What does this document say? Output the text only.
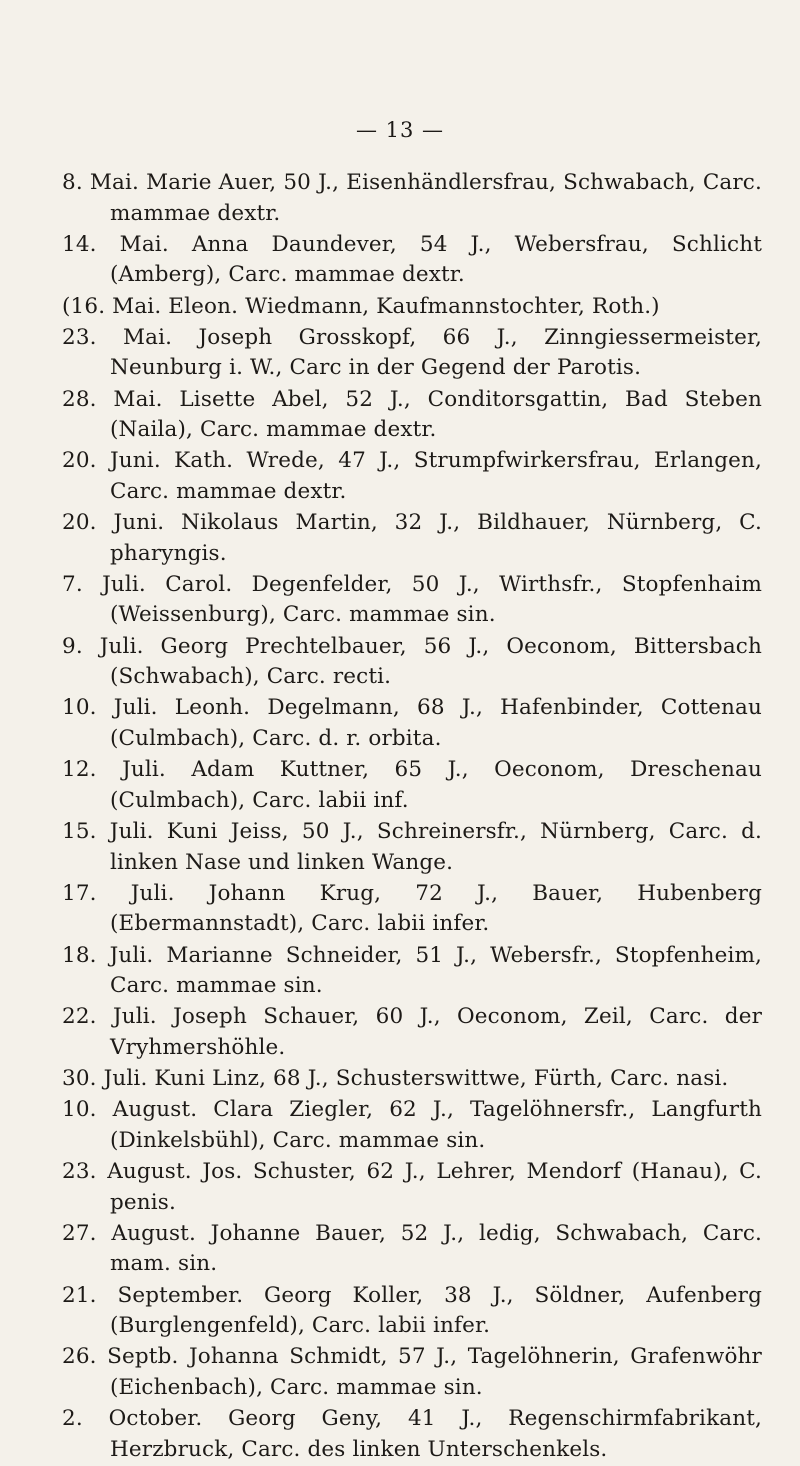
— 13 —

8. Mai. Marie Auer, 50 J., Eisenhändlersfrau, Schwabach, Carc. mammae dextr.

14. Mai. Anna Daundever, 54 J., Webersfrau, Schlicht (Amberg), Carc. mammae dextr.

(16. Mai. Eleon. Wiedmann, Kaufmannstochter, Roth.)

23. Mai. Joseph Grosskopf, 66 J., Zinngiessermeister, Neunburg i. W., Carc in der Gegend der Parotis.

28. Mai. Lisette Abel, 52 J., Conditorsgattin, Bad Steben (Naila), Carc. mammae dextr.

20. Juni. Kath. Wrede, 47 J., Strumpfwirkersfrau, Erlangen, Carc. mammae dextr.

20. Juni. Nikolaus Martin, 32 J., Bildhauer, Nürnberg, C. pharyngis.

7. Juli. Carol. Degenfelder, 50 J., Wirthsfr., Stopfenhaim (Weissenburg), Carc. mammae sin.

9. Juli. Georg Prechtelbauer, 56 J., Oeconom, Bittersbach (Schwabach), Carc. recti.

10. Juli. Leonh. Degelmann, 68 J., Hafenbinder, Cottenau (Culmbach), Carc. d. r. orbita.

12. Juli. Adam Kuttner, 65 J., Oeconom, Dreschenau (Culmbach), Carc. labii inf.

15. Juli. Kuni Jeiss, 50 J., Schreinersfr., Nürnberg, Carc. d. linken Nase und linken Wange.

17. Juli. Johann Krug, 72 J., Bauer, Hubenberg (Ebermannstadt), Carc. labii infer.

18. Juli. Marianne Schneider, 51 J., Webersfr., Stopfenheim, Carc. mammae sin.

22. Juli. Joseph Schauer, 60 J., Oeconom, Zeil, Carc. der Vryhmershöhle.

30. Juli. Kuni Linz, 68 J., Schusterswittwe, Fürth, Carc. nasi.

10. August. Clara Ziegler, 62 J., Tagelöhnersfr., Langfurth (Dinkelsbühl), Carc. mammae sin.

23. August. Jos. Schuster, 62 J., Lehrer, Mendorf (Hanau), C. penis.

27. August. Johanne Bauer, 52 J., ledig, Schwabach, Carc. mam. sin.

21. September. Georg Koller, 38 J., Söldner, Aufenberg (Burglengenfeld), Carc. labii infer.

26. Septb. Johanna Schmidt, 57 J., Tagelöhnerin, Grafenwöhr (Eichenbach), Carc. mammae sin.

2. October. Georg Geny, 41 J., Regenschirmfabrikant, Herzbruck, Carc. des linken Unterschenkels.
